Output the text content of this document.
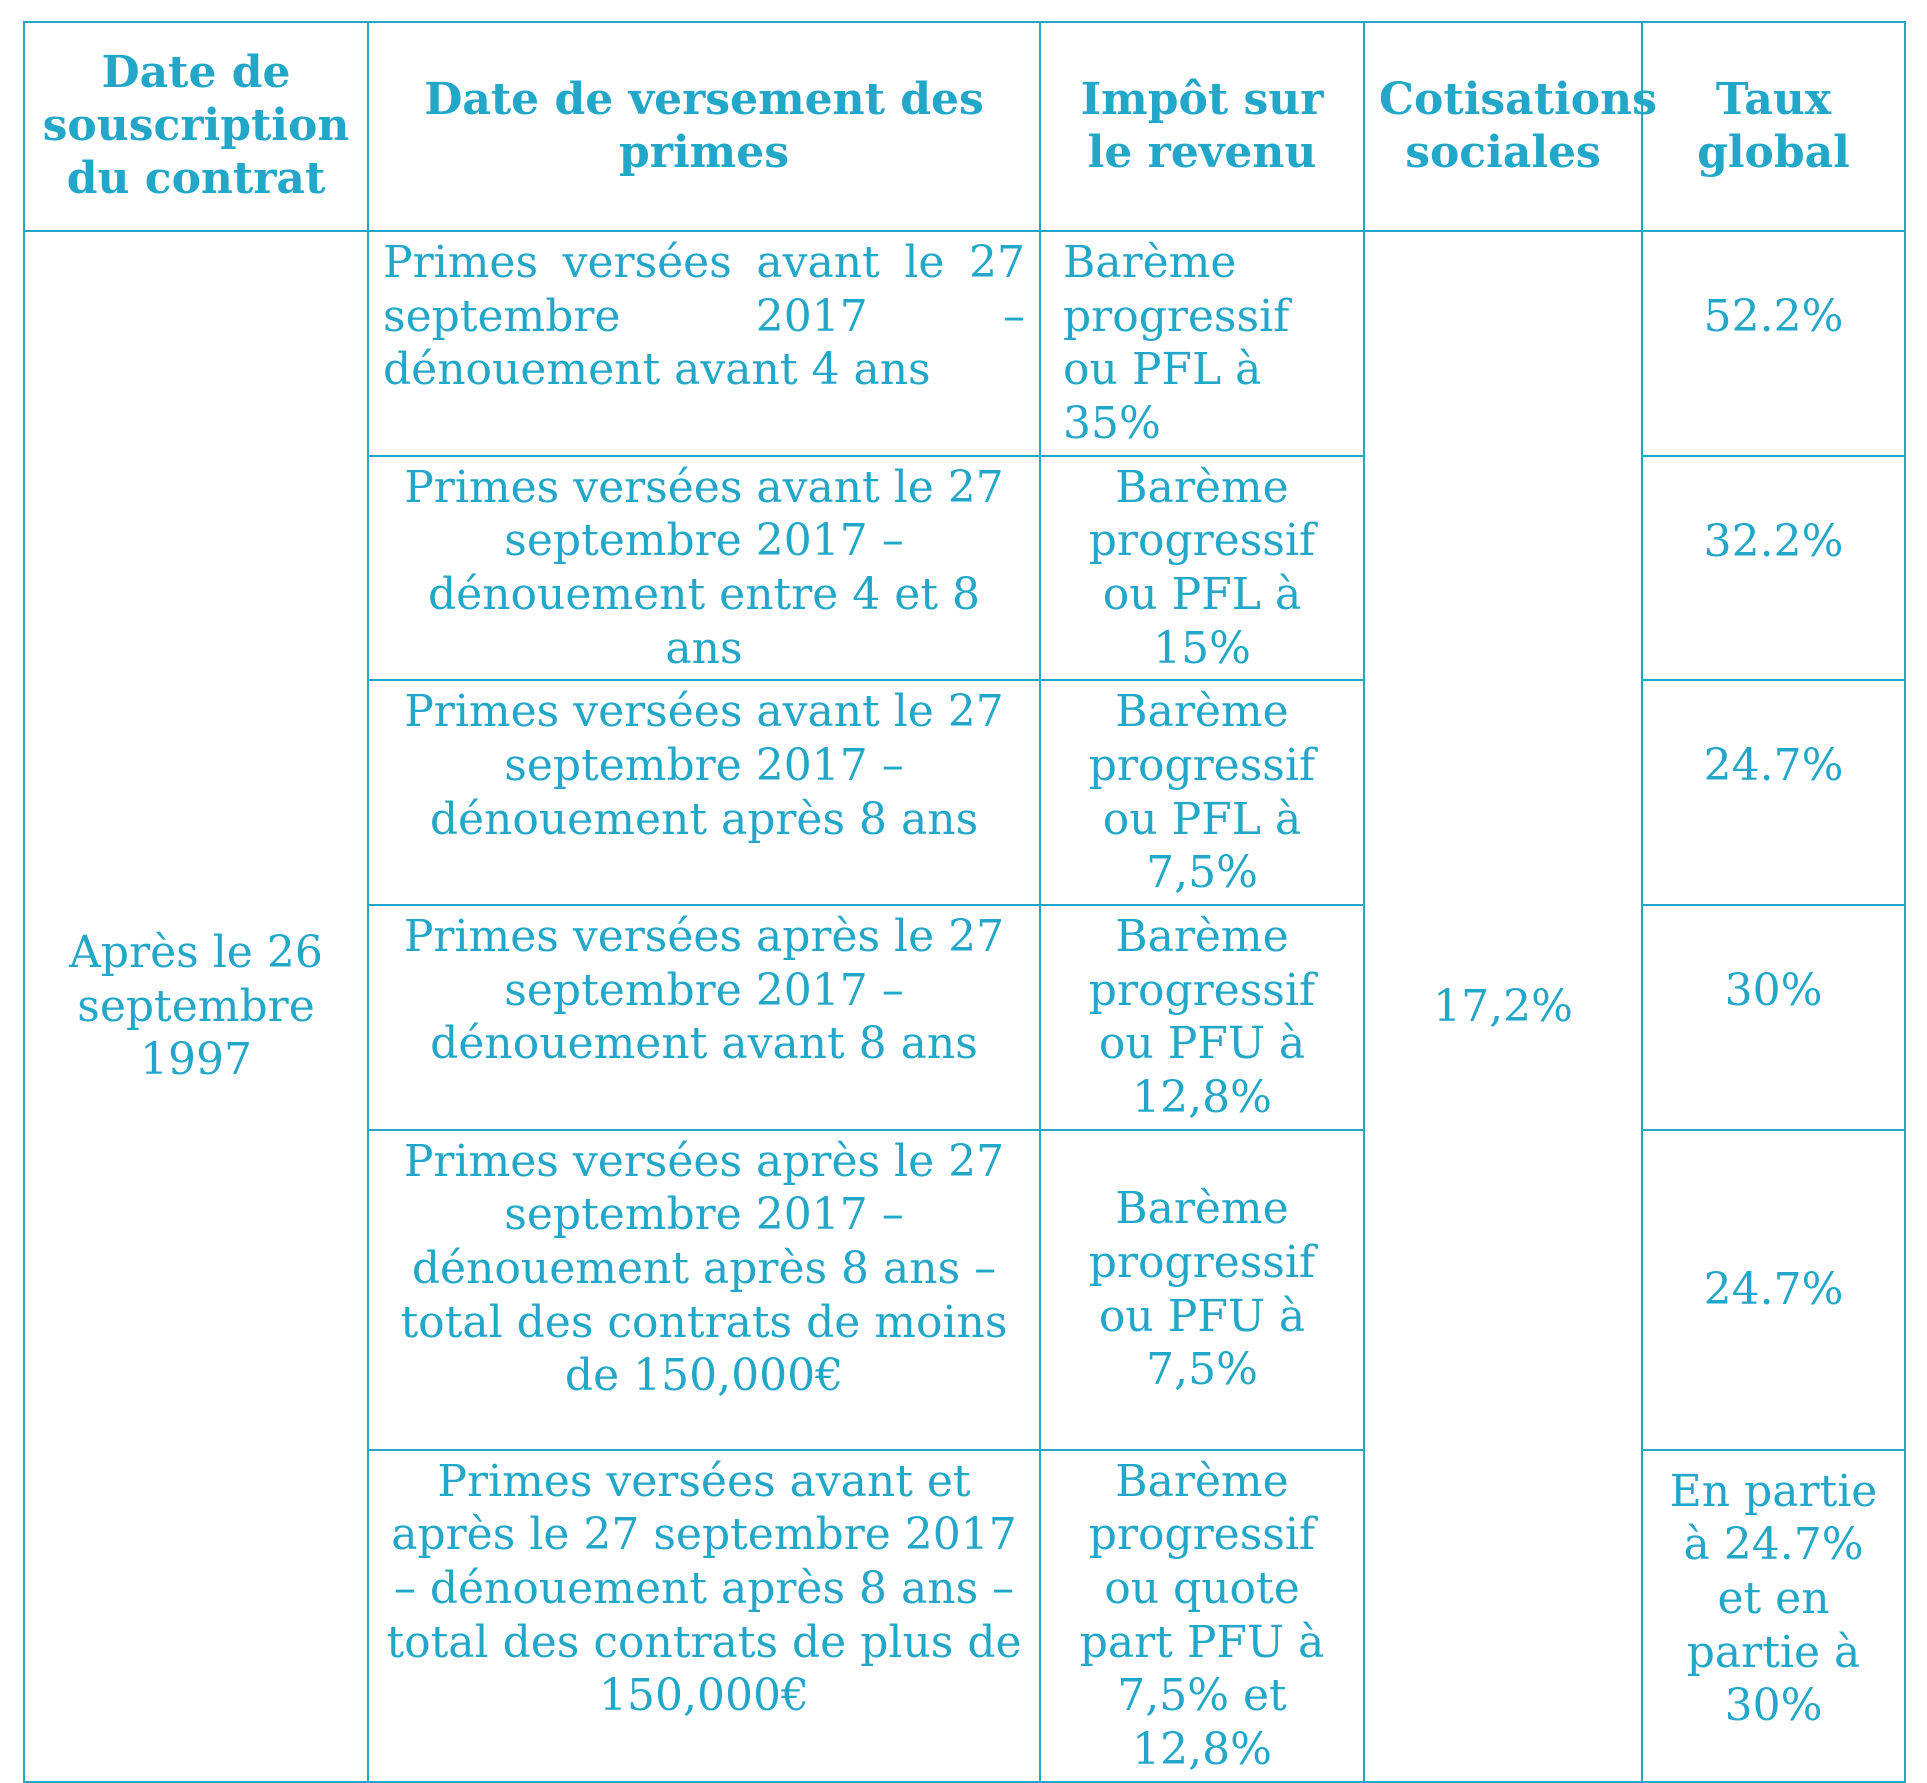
Date de souscription du contrat	Date de versement des primes	Impôt sur le revenu	Cotisations sociales	Taux global
Après le 26 septembre 1997	Primes versées avant le 27 septembre 2017 – dénouement avant 4 ans	Barème progressif ou PFL à 35%	17,2%	52.2%
	Primes versées avant le 27 septembre 2017 – dénouement entre 4 et 8 ans	Barème progressif ou PFL à 15%		32.2%
	Primes versées avant le 27 septembre 2017 – dénouement après 8 ans	Barème progressif ou PFL à 7,5%		24.7%
	Primes versées après le 27 septembre 2017 – dénouement avant 8 ans	Barème progressif ou PFU à 12,8%		30%
	Primes versées après le 27 septembre 2017 – dénouement après 8 ans – total des contrats de moins de 150,000€	Barème progressif ou PFU à 7,5%		24.7%
	Primes versées avant et après le 27 septembre 2017 – dénouement après 8 ans – total des contrats de plus de 150,000€	Barème progressif ou quote part PFU à 7,5% et 12,8%		En partie à 24.7% et en partie à 30%
